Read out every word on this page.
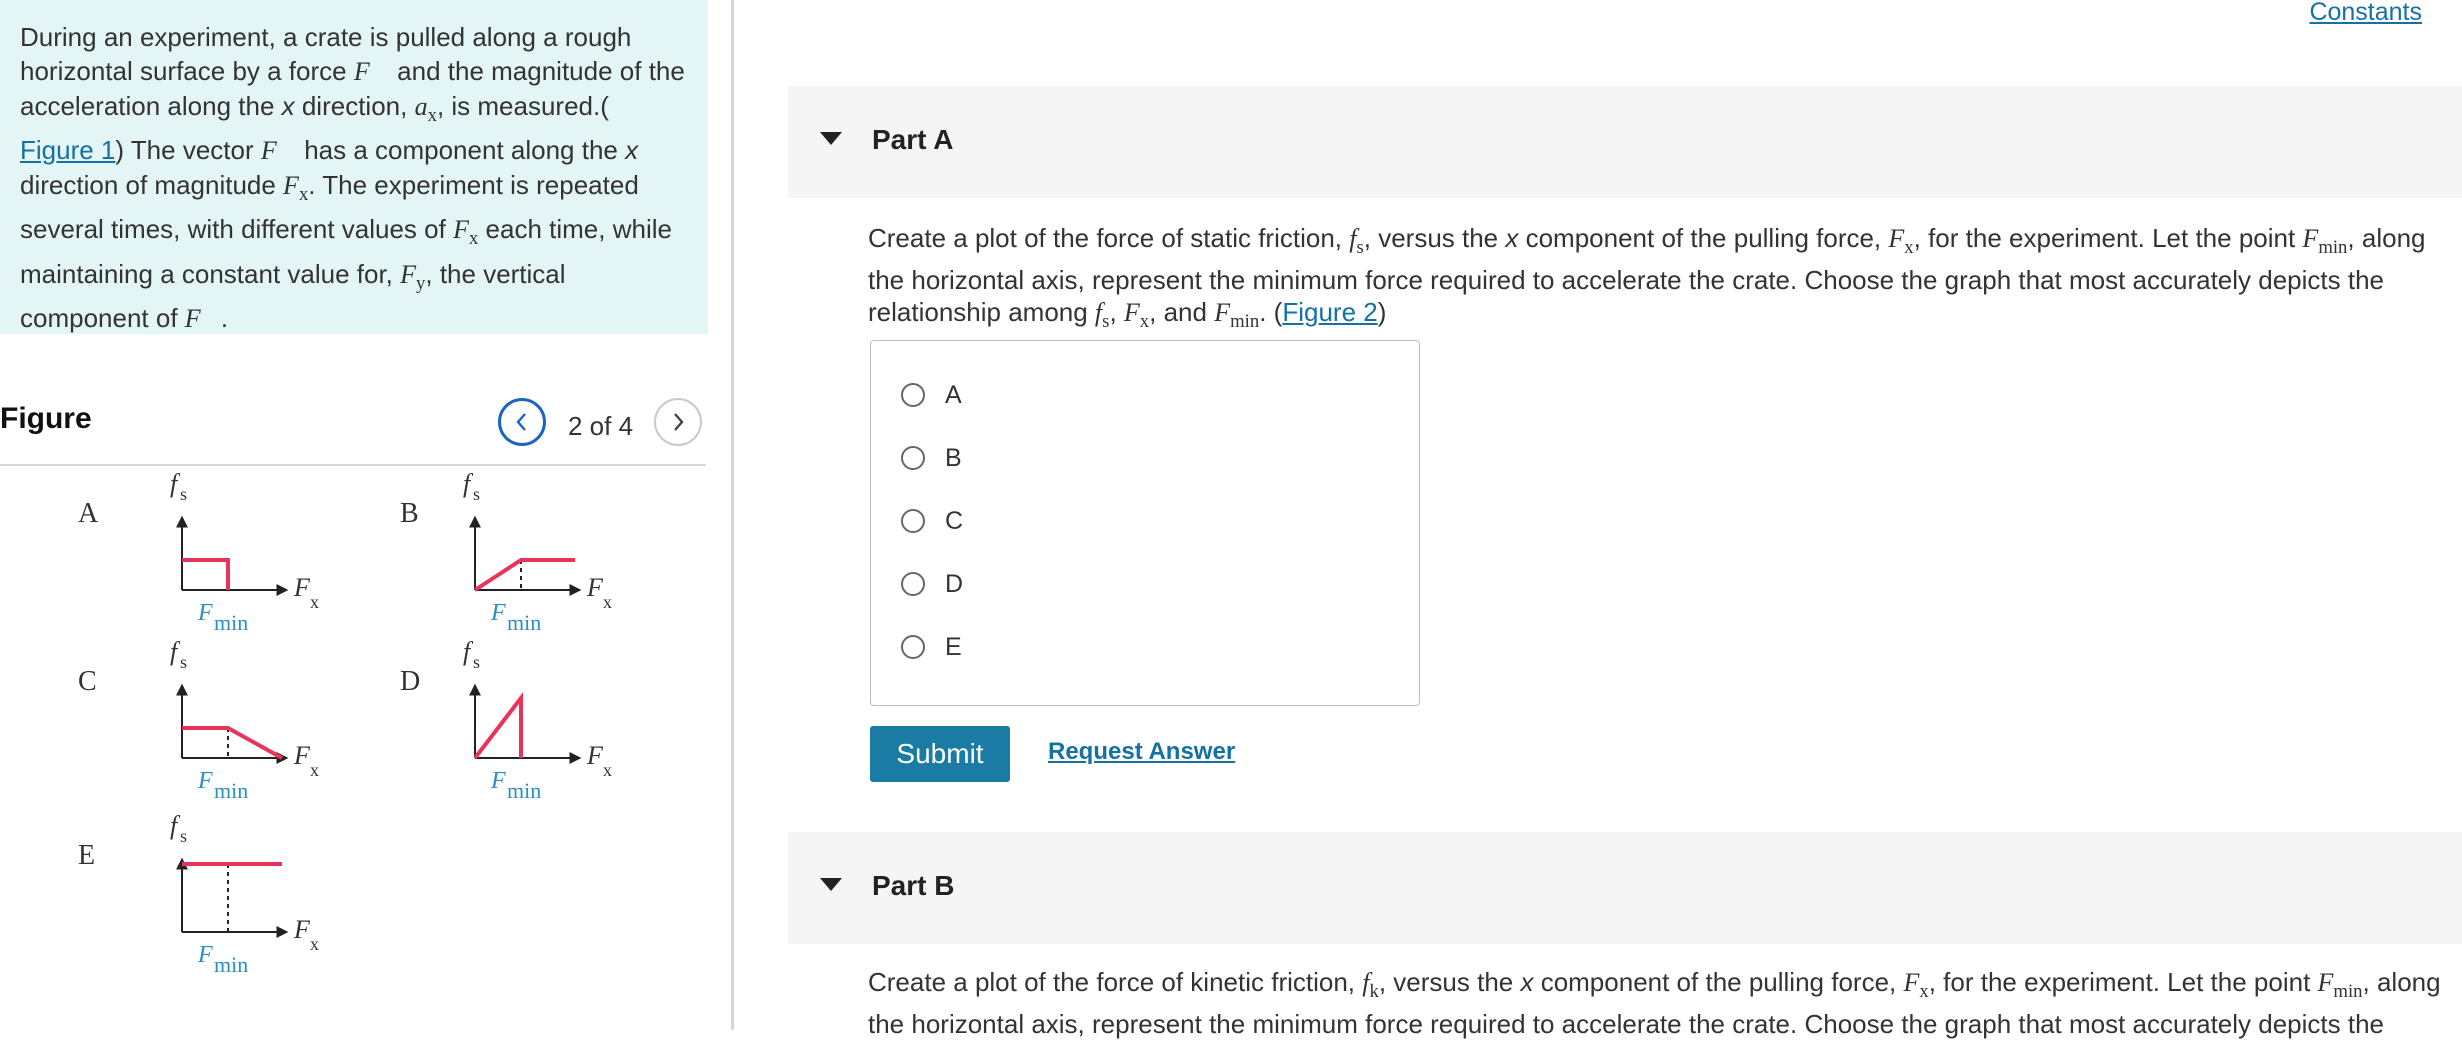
During an experiment, a crate is pulled along a rough horizontal surface by a force F⃗ and the magnitude of the acceleration along the x direction, $a_x$, is measured.(
Figure 1) The vector F⃗ has a component along the x direction of magnitude $F_x$. The experiment is repeated several times, with different values of $F_x$ each time, while maintaining a constant value for, $F_y$, the vertical component of F⃗.

Figure	2 of 4
A
f s
F x
F min
B
f s
F x
F min
C
f s
F x
F min
D
f s
F x
F min
E
f s
F x
F min
Constants
Part A
Create a plot of the force of static friction, $f_s$, versus the x component of the pulling force, $F_x$, for the experiment. Let the point $F_{min}$, along the horizontal axis, represent the minimum force required to accelerate the crate. Choose the graph that most accurately depicts the relationship among $f_s$, $F_x$, and $F_{min}$. (Figure 2)
A
B
C
D
E
Submit	Request Answer
Part B
Create a plot of the force of kinetic friction, $f_k$, versus the x component of the pulling force, $F_x$, for the experiment. Let the point $F_{min}$, along the horizontal axis, represent the minimum force required to accelerate the crate. Choose the graph that most accurately depicts the
